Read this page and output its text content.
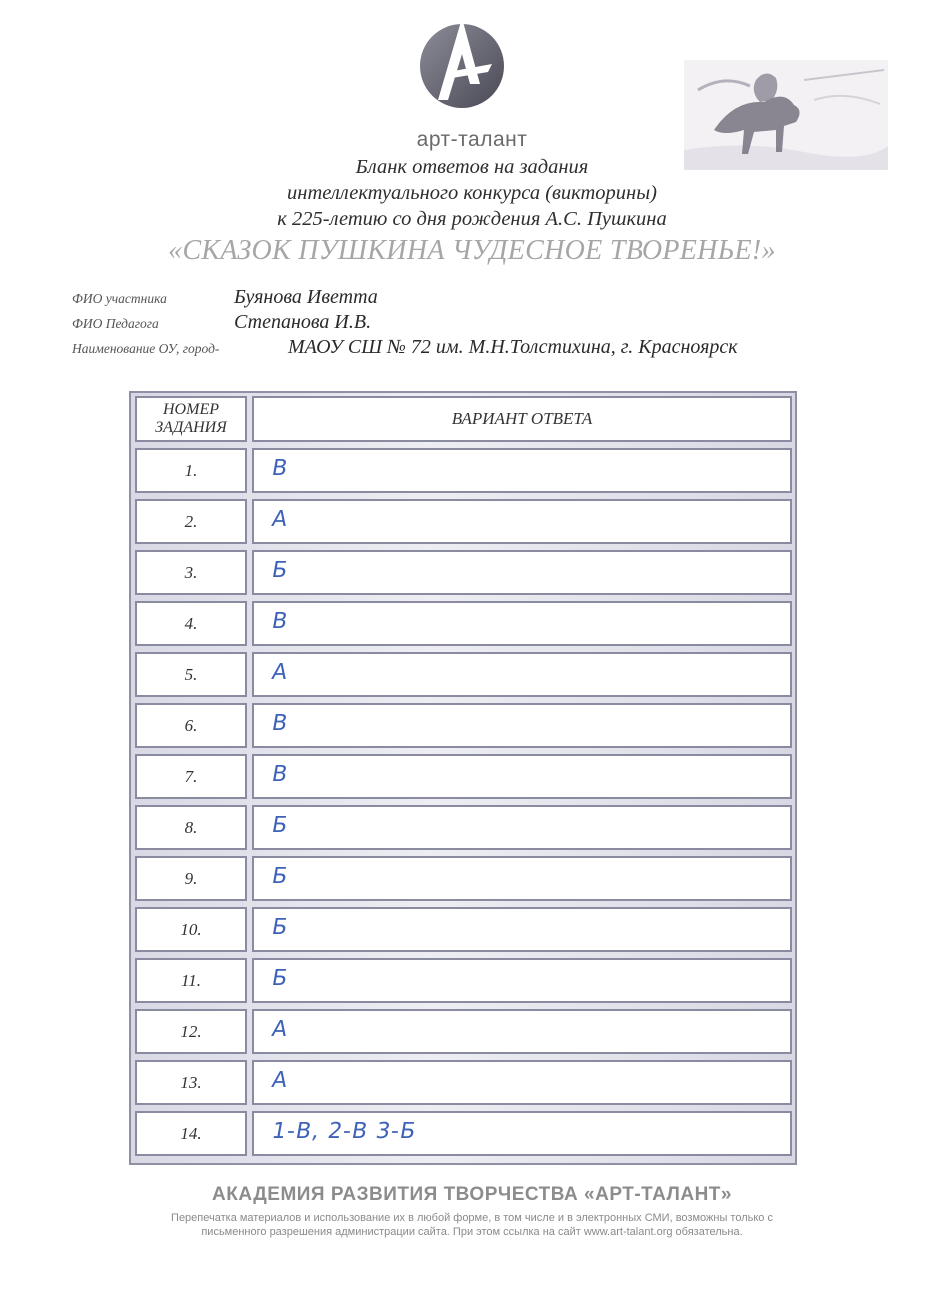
арт-талант
Бланк ответов на задания
интеллектуального конкурса (викторины)
к 225-летию со дня рождения А.С. Пушкина
«СКАЗОК ПУШКИНА ЧУДЕСНОЕ ТВОРЕНЬЕ!»
ФИО участника	Буянова Иветта
ФИО Педагога	Степанова И.В.
Наименование ОУ, город-	МАОУ СШ № 72 им. М.Н.Толстихина, г. Красноярск
НОМЕР ЗАДАНИЯ	ВАРИАНТ ОТВЕТА
1.	В
2.	А
3.	Б
4.	В
5.	А
6.	В
7.	В
8.	Б
9.	Б
10.	Б
11.	Б
12.	А
13.	А
14.	1-В, 2-В 3-Б
АКАДЕМИЯ РАЗВИТИЯ ТВОРЧЕСТВА «АРТ-ТАЛАНТ»
Перепечатка материалов и использование их в любой форме, в том числе и в электронных СМИ, возможны только с
письменного разрешения администрации сайта. При этом ссылка на сайт www.art-talant.org обязательна.
